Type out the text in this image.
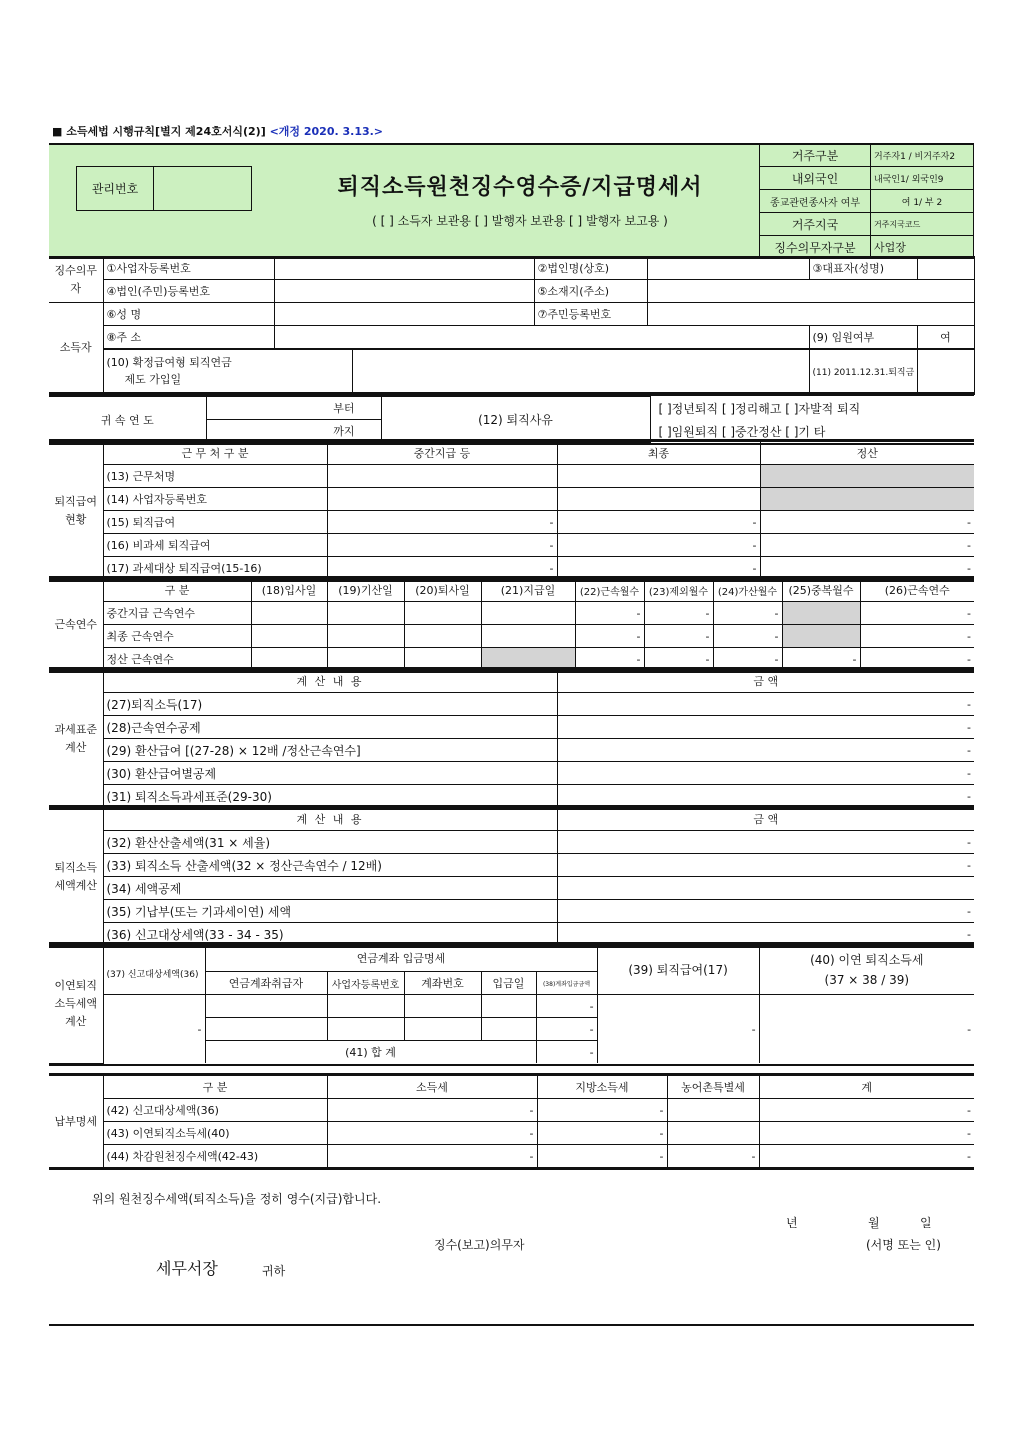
■ 소득세법 시행규칙[별지 제24호서식(2)] <개정 2020. 3.13.>
관리번호	퇴직소득원천징수영수증/지급명세서
( [ ] 소득자 보관용 [ ] 발행자 보관용 [ ] 발행자 보고용 )
거주구분	거주자1 / 비거주자2
내외국인	내국인1/ 외국인9
종교관련종사자 여부	여 1/ 부 2
거주지국	거주지국코드
징수의무자구분	사업장
징수의무자	①사업자등록번호			②법인명(상호)		③대표자(성명)	
	④법인(주민)등록번호			⑤소재지(주소)			
소득자	⑥성 명			⑦주민등록번호			
	⑧주 소					(9) 임원여부	여

	(10) 확정급여형 퇴직연금
제도 가입일					(11) 2011.12.31.퇴직금	
귀 속 연 도	부터	(12) 퇴직사유	[ ]정년퇴직 [ ]정리해고 [ ]자발적 퇴직
	까지		[ ]임원퇴직 [ ]중간정산 [ ]기 타
퇴직급여현황	근 무 처 구 분	중간지급 등	최종	정산
	(13) 근무처명			
	(14) 사업자등록번호			
	(15) 퇴직급여	-	-	-
	(16) 비과세 퇴직급여	-	-	-
	(17) 과세대상 퇴직급여(15-16)	-	-	-
근속연수	구 분	(18)입사일	(19)기산일	(20)퇴사일	(21)지급일	(22)근속월수	(23)제외월수	(24)가산월수	(25)중복월수	(26)근속연수
	중간지급 근속연수					-	-	-		-
	최종 근속연수					-	-	-		-
	정산 근속연수					-	-	-	-	-
과세표준계산	계 산 내 용	금 액
	(27)퇴직소득(17)	-
	(28)근속연수공제	-
	(29) 환산급여 [(27-28) × 12배 /정산근속연수]	-
	(30) 환산급여별공제	-
	(31) 퇴직소득과세표준(29-30)	-
퇴직소득세액계산	계 산 내 용	금 액
	(32) 환산산출세액(31 × 세율)	-
	(33) 퇴직소득 산출세액(32 × 정산근속연수 / 12배)	-
	(34) 세액공제	
	(35) 기납부(또는 기과세이연) 세액	-
	(36) 신고대상세액(33 - 34 - 35)	-
이연퇴직소득세액계산	(37) 신고대상세액(36)	연금계좌 입금명세					(39) 퇴직급여(17)	(40) 이연 퇴직소득세
(37 × 38 / 39)

		연금계좌취급자	사업자등록번호	계좌번호	입금일	(38)계좌입금금액		
	-					-	-	-
						-		
		(41) 합 계				-		

납부명세	구 분	소득세	지방소득세	농어촌특별세	계
	(42) 신고대상세액(36)	-	-		-
	(43) 이연퇴직소득세(40)	-	-		-
	(44) 차감원천징수세액(42-43)	-	-	-	-
위의 원천징수세액(퇴직소득)을 정히 영수(지급)합니다.
년	월	일
징수(보고)의무자	(서명 또는 인)
세무서장	귀하
